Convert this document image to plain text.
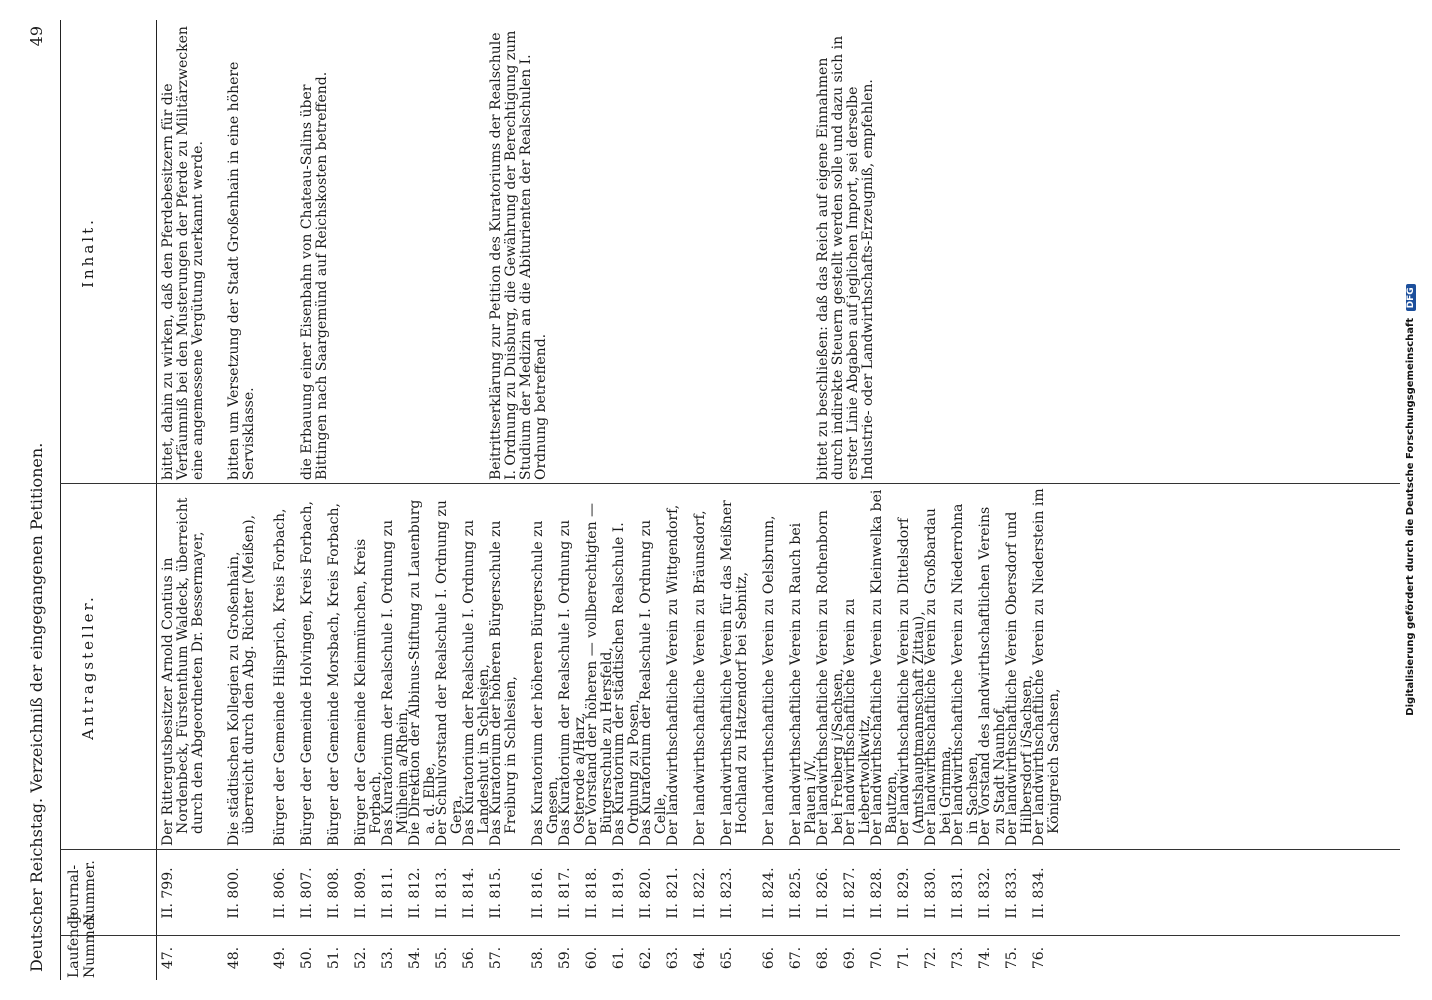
Deutscher Reichstag. Verzeichniß der eingegangenen Petitionen.
49
Laufende Nummer.
Journal-Nummer.
Antragsteller.
Inhalt.
47.
II. 799.
Der Rittergutsbesitzer Arnold Contius in Nordenbeck, Fürstenthum Waldeck, überreicht durch den Abgeordneten Dr. Bessermayer,
bittet, dahin zu wirken, daß den Pferdebesitzern für die Verfäumniß bei den Musterungen der Pferde zu Militärzwecken eine angemessene Vergütung zuerkannt werde.
48.
II. 800.
Die städtischen Kollegien zu Großenhain, überreicht durch den Abg. Richter (Meißen),
bitten um Versetzung der Stadt Großenhain in eine höhere Servisklasse.
49.
II. 806.
Bürger der Gemeinde Hilsprich, Kreis Forbach,
50.
II. 807.
Bürger der Gemeinde Holvingen, Kreis Forbach,
die Erbauung einer Eisenbahn von Chateau-Salins über Bittingen nach Saargemünd auf Reichskosten betreffend.
51.
II. 808.
Bürger der Gemeinde Morsbach, Kreis Forbach,
52.
II. 809.
Bürger der Gemeinde Kleinmünchen, Kreis Forbach,
53.
II. 811.
Das Kuratorium der Realschule I. Ordnung zu Mülheim a/Rhein,
54.
II. 812.
Die Direktion der Albinus-Stiftung zu Lauenburg a. d. Elbe,
55.
II. 813.
Der Schulvorstand der Realschule I. Ordnung zu Gera,
56.
II. 814.
Das Kuratorium der Realschule I. Ordnung zu Landeshut in Schlesien,
57.
II. 815.
Das Kuratorium der höheren Bürgerschule zu Freiburg in Schlesien,
Beitrittserklärung zur Petition des Kuratoriums der Realschule I. Ordnung zu Duisburg, die Gewährung der Berechtigung zum Studium der Medizin an die Abiturienten der Realschulen I. Ordnung betreffend.
58.
II. 816.
Das Kuratorium der höheren Bürgerschule zu Gnesen,
59.
II. 817.
Das Kuratorium der Realschule I. Ordnung zu Osterode a/Harz,
60.
II. 818.
Der Vorstand der höheren — vollberechtigten — Bürgerschule zu Hersfeld,
61.
II. 819.
Das Kuratorium der städtischen Realschule I. Ordnung zu Posen,
62.
II. 820.
Das Kuratorium der Realschule I. Ordnung zu Celle,
63.
II. 821.
Der landwirthschaftliche Verein zu Wittgendorf,
64.
II. 822.
Der landwirthschaftliche Verein zu Bräunsdorf,
65.
II. 823.
Der landwirthschaftliche Verein für das Meißner Hochland zu Hatzendorf bei Sebnitz,
66.
II. 824.
Der landwirthschaftliche Verein zu Oelsbrunn,
67.
II. 825.
Der landwirthschaftliche Verein zu Rauch bei Plauen i/V.,
68.
II. 826.
Der landwirthschaftliche Verein zu Rothenborn bei Freiberg i/Sachsen,
bittet zu beschließen: daß das Reich auf eigene Einnahmen durch indirekte Steuern gestellt werden solle und dazu sich in erster Linie Abgaben auf jeglichen Import, sei derselbe Industrie- oder Landwirthschafts-Erzeugniß, empfehlen.
69.
II. 827.
Der landwirthschaftliche Verein zu Liebertwolkwitz,
70.
II. 828.
Der landwirthschaftliche Verein zu Kleinwelka bei Bautzen,
71.
II. 829.
Der landwirthschaftliche Verein zu Dittelsdorf (Amtshauptmannschaft Zittau),
72.
II. 830.
Der landwirthschaftliche Verein zu Großbardau bei Grimma,
73.
II. 831.
Der landwirthschaftliche Verein zu Niederrohna in Sachsen,
74.
II. 832.
Der Vorstand des landwirthschaftlichen Vereins zu Stadt Naunhof,
75.
II. 833.
Der landwirthschaftliche Verein Obersdorf und Hilbersdorf i/Sachsen,
76.
II. 834.
Der landwirthschaftliche Verein zu Niederstein im Königreich Sachsen,
Digitalisierung gefördert durch die Deutsche Forschungsgemeinschaft DFG
